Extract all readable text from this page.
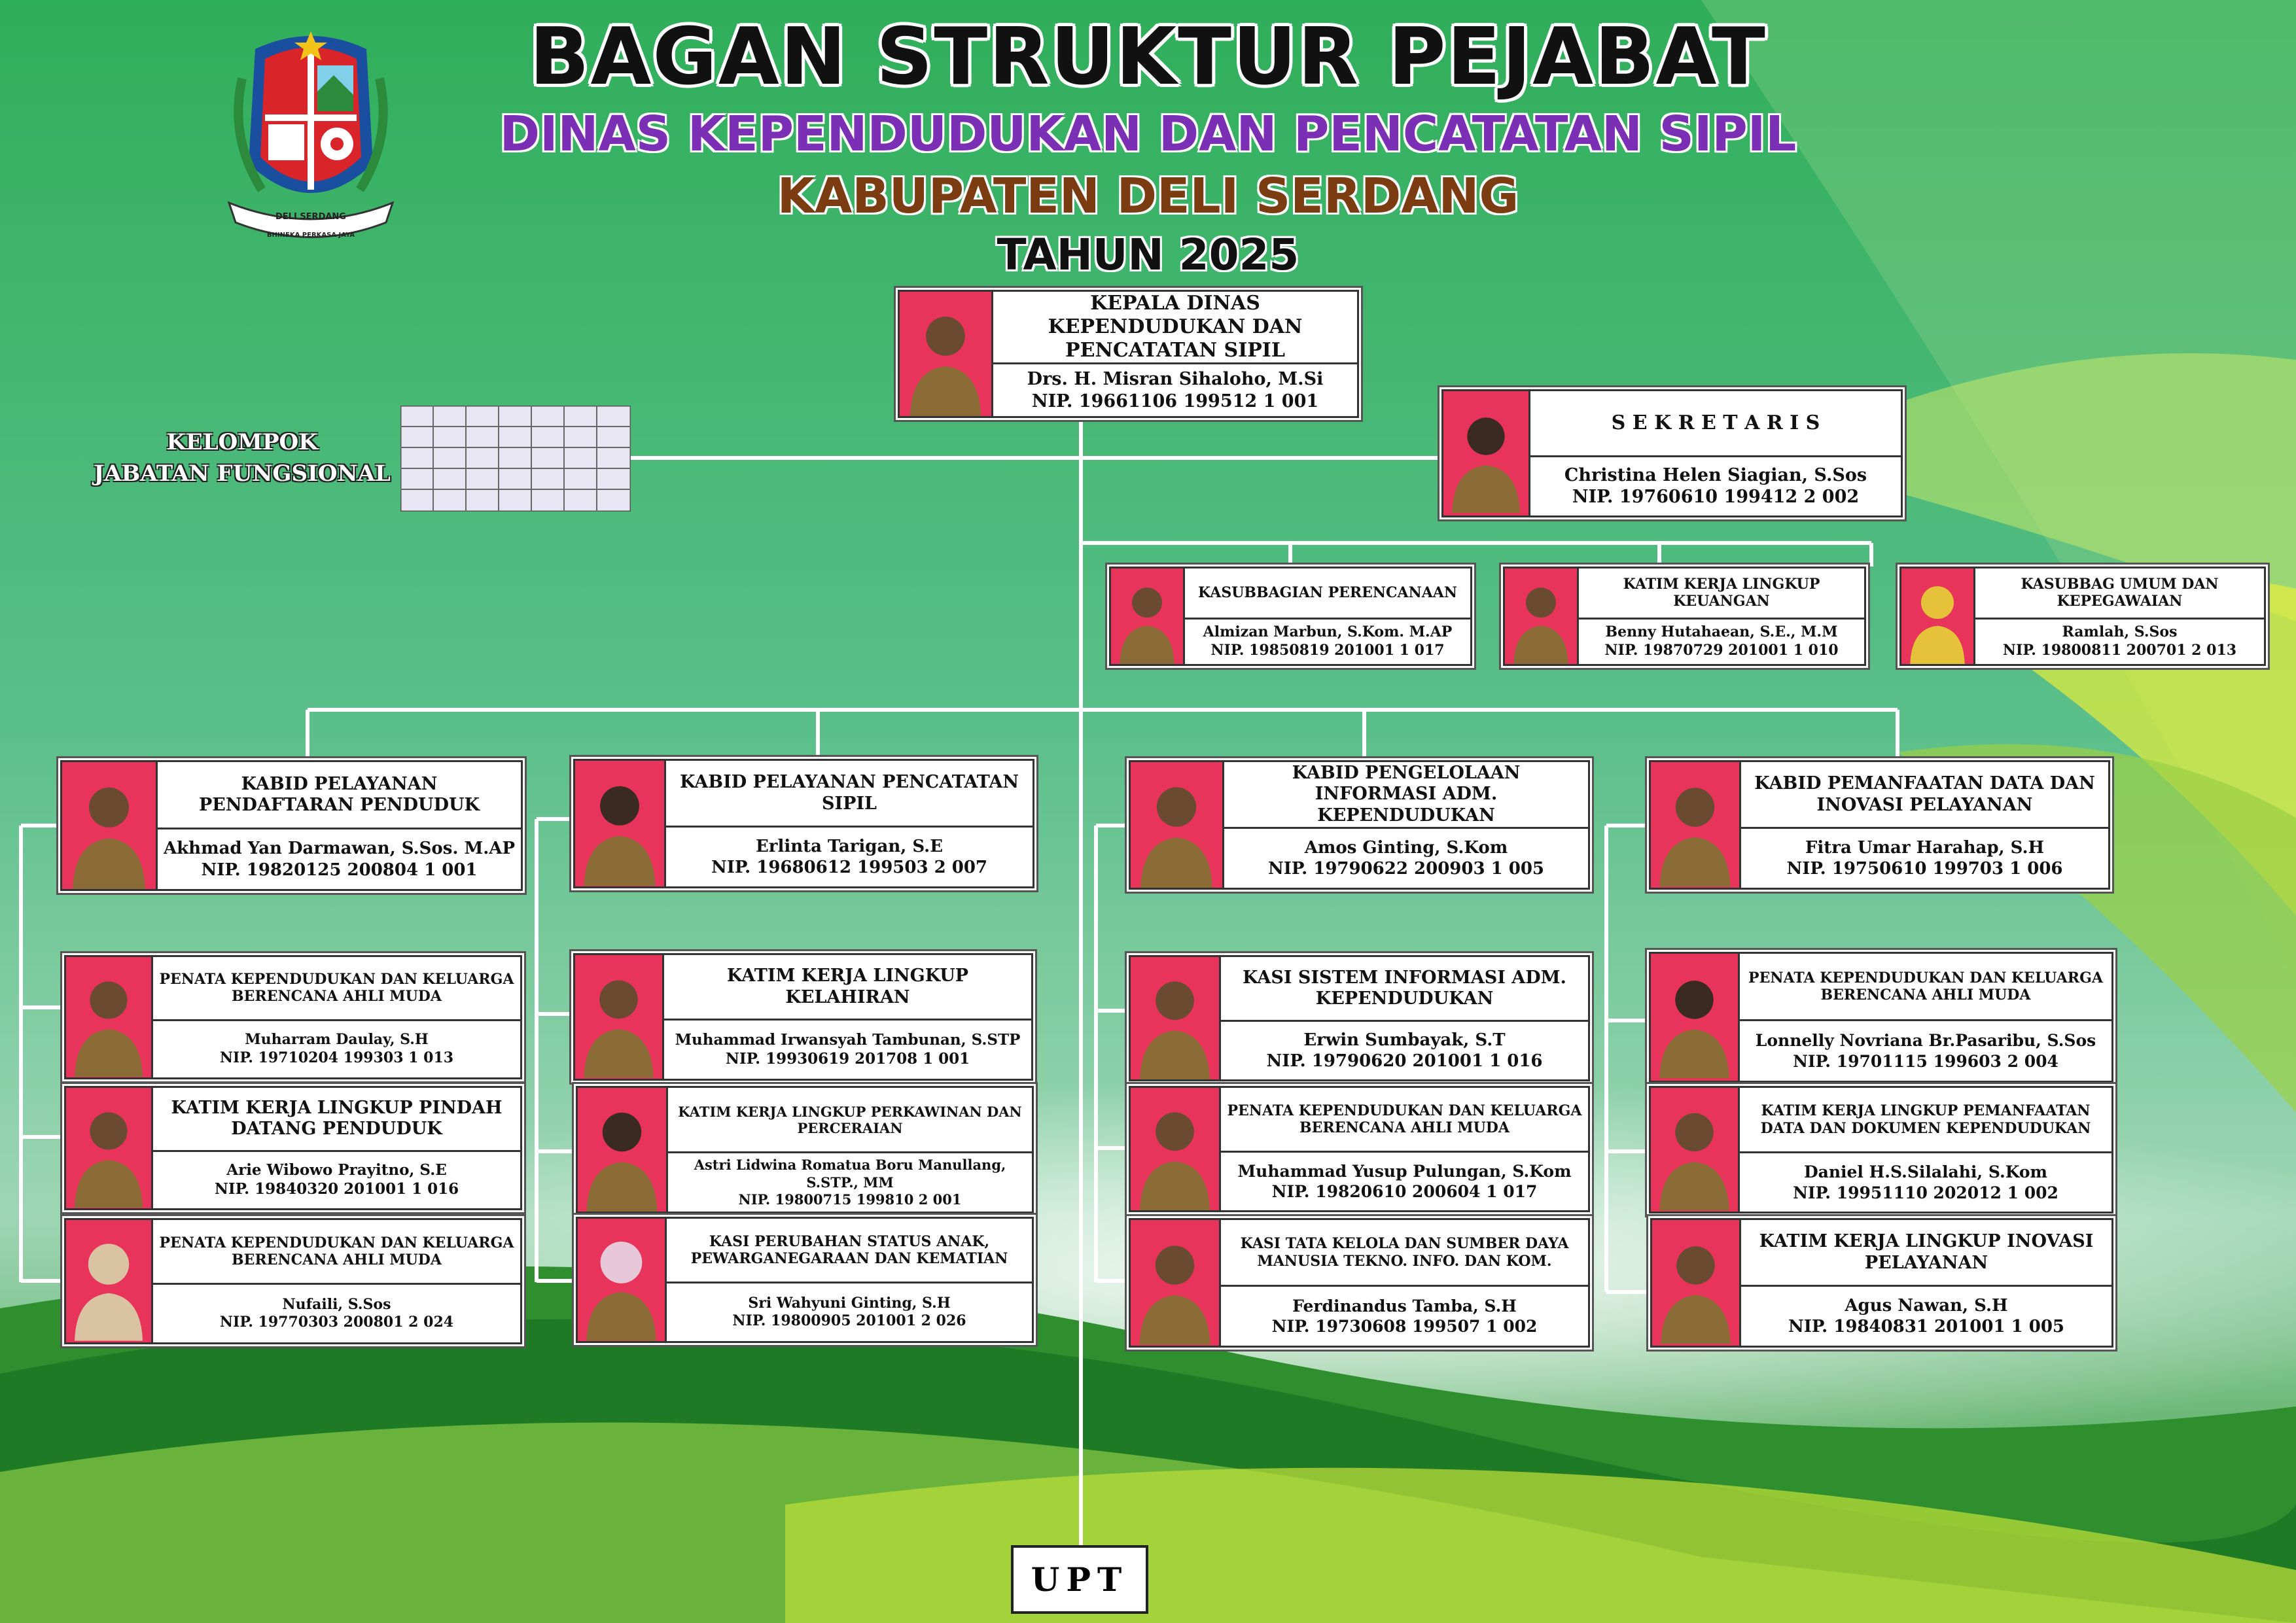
DELI SERDANG
BHINEKA PERKASA JAYA
BAGAN STRUKTUR PEJABAT
DINAS KEPENDUDUKAN DAN PENCATATAN SIPIL
KABUPATEN DELI SERDANG
TAHUN 2025
KELOMPOK
JABATAN FUNGSIONAL
KEPALA DINAS KEPENDUDUKAN DAN PENCATATAN SIPIL
Drs. H. Misran Sihaloho, M.Si
NIP. 19661106 199512 1 001
S E K R E T A R I S
Christina Helen Siagian, S.Sos
NIP. 19760610 199412 2 002
KASUBBAGIAN PERENCANAAN
Almizan Marbun, S.Kom. M.AP
NIP. 19850819 201001 1 017
KATIM KERJA LINGKUP KEUANGAN
Benny Hutahaean, S.E., M.M
NIP. 19870729 201001 1 010
KASUBBAG UMUM DAN KEPEGAWAIAN
Ramlah, S.Sos
NIP. 19800811 200701 2 013
KABID PELAYANAN PENDAFTARAN PENDUDUK
Akhmad Yan Darmawan, S.Sos. M.AP
NIP. 19820125 200804 1 001
KABID PELAYANAN PENCATATAN SIPIL
Erlinta Tarigan, S.E
NIP. 19680612 199503 2 007
KABID PENGELOLAAN INFORMASI ADM. KEPENDUDUKAN
Amos Ginting, S.Kom
NIP. 19790622 200903 1 005
KABID PEMANFAATAN DATA DAN INOVASI PELAYANAN
Fitra Umar Harahap, S.H
NIP. 19750610 199703 1 006
PENATA KEPENDUDUKAN DAN KELUARGA BERENCANA AHLI MUDA
Muharram Daulay, S.H
NIP. 19710204 199303 1 013
KATIM KERJA LINGKUP PINDAH DATANG PENDUDUK
Arie Wibowo Prayitno, S.E
NIP. 19840320 201001 1 016
PENATA KEPENDUDUKAN DAN KELUARGA BERENCANA AHLI MUDA
Nufaili, S.Sos
NIP. 19770303 200801 2 024
KATIM KERJA LINGKUP KELAHIRAN
Muhammad Irwansyah Tambunan, S.STP
NIP. 19930619 201708 1 001
KATIM KERJA LINGKUP PERKAWINAN DAN PERCERAIAN
Astri Lidwina Romatua Boru Manullang, S.STP., MM
NIP. 19800715 199810 2 001
KASI PERUBAHAN STATUS ANAK, PEWARGANEGARAAN DAN KEMATIAN
Sri Wahyuni Ginting, S.H
NIP. 19800905 201001 2 026
KASI SISTEM INFORMASI ADM. KEPENDUDUKAN
Erwin Sumbayak, S.T
NIP. 19790620 201001 1 016
PENATA KEPENDUDUKAN DAN KELUARGA BERENCANA AHLI MUDA
Muhammad Yusup Pulungan, S.Kom
NIP. 19820610 200604 1 017
KASI TATA KELOLA DAN SUMBER DAYA MANUSIA TEKNO. INFO. DAN KOM.
Ferdinandus Tamba, S.H
NIP. 19730608 199507 1 002
PENATA KEPENDUDUKAN DAN KELUARGA BERENCANA AHLI MUDA
Lonnelly Novriana Br.Pasaribu, S.Sos
NIP. 19701115 199603 2 004
KATIM KERJA LINGKUP PEMANFAATAN DATA DAN DOKUMEN KEPENDUDUKAN
Daniel H.S.Silalahi, S.Kom
NIP. 19951110 202012 1 002
KATIM KERJA LINGKUP INOVASI PELAYANAN
Agus Nawan, S.H
NIP. 19840831 201001 1 005
UPT
